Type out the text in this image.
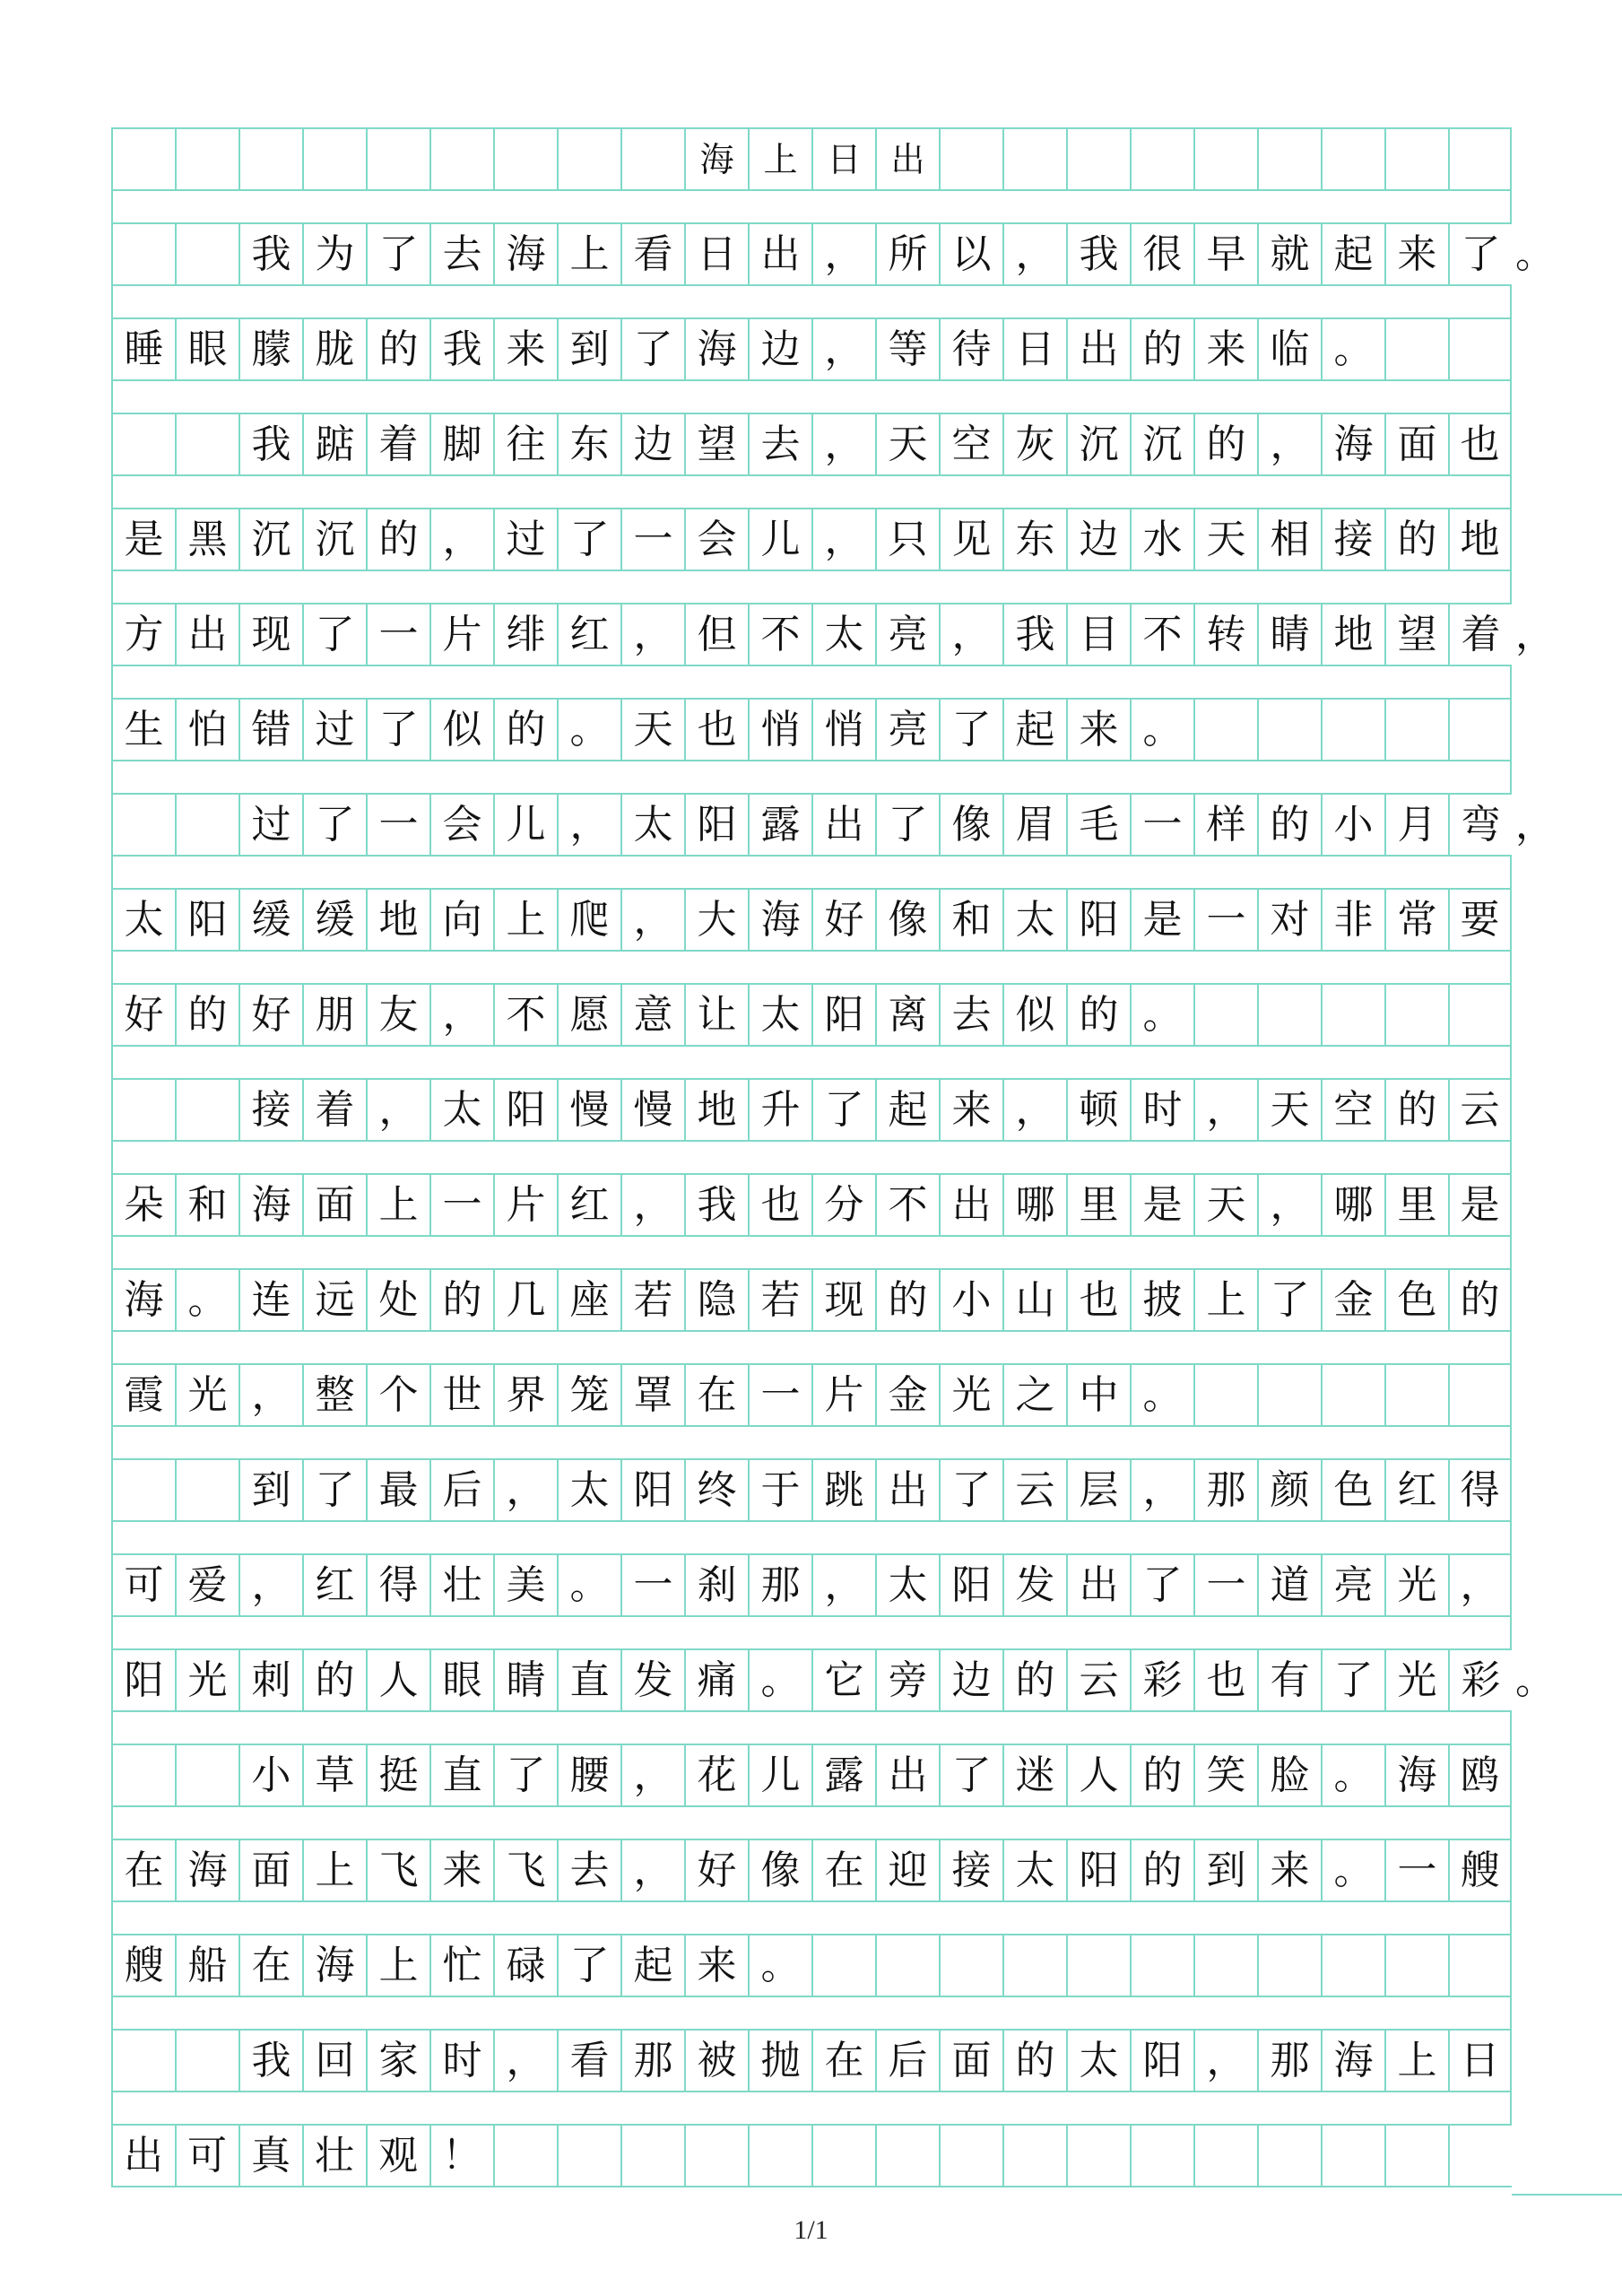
海 上 日 出
我 为 了 去 海 上 看 日 出 ， 所 以 ， 我 很 早 就 起 来 了 。
睡 眼 朦 胧 的 我 来 到 了 海 边 ， 等 待 日 出 的 来 临 。
我 踮 着 脚 往 东 边 望 去 ， 天 空 灰 沉 沉 的 ， 海 面 也
是 黑 沉 沉 的 ， 过 了 一 会 儿 ， 只 见 东 边 水 天 相 接 的 地
方 出 现 了 一 片 绯 红 ， 但 不 太 亮 ， 我 目 不 转 睛 地 望 着 ，
生 怕 错 过 了 似 的 。 天 也 悄 悄 亮 了 起 来 。
过 了 一 会 儿 ， 太 阳 露 出 了 像 眉 毛 一 样 的 小 月 弯 ，
太 阳 缓 缓 地 向 上 爬 ， 大 海 好 像 和 太 阳 是 一 对 非 常 要
好 的 好 朋 友 ， 不 愿 意 让 太 阳 离 去 似 的 。
接 着 ， 太 阳 慢 慢 地 升 了 起 来 ， 顿 时 ， 天 空 的 云
朵 和 海 面 上 一 片 红 ， 我 也 分 不 出 哪 里 是 天 ， 哪 里 是
海 。 连 远 处 的 几 座 若 隐 若 现 的 小 山 也 披 上 了 金 色 的
霞 光 ， 整 个 世 界 笼 罩 在 一 片 金 光 之 中 。
到 了 最 后 ， 太 阳 终 于 跳 出 了 云 层 ， 那 颜 色 红 得
可 爱 ， 红 得 壮 美 。 一 刹 那 ， 太 阳 发 出 了 一 道 亮 光 ，
阳 光 刺 的 人 眼 睛 直 发 痛 。 它 旁 边 的 云 彩 也 有 了 光 彩 。
小 草 挺 直 了 腰 ， 花 儿 露 出 了 迷 人 的 笑 脸 。 海 鸥
在 海 面 上 飞 来 飞 去 ， 好 像 在 迎 接 太 阳 的 到 来 。 一 艘
艘 船 在 海 上 忙 碌 了 起 来 。
我 回 家 时 ， 看 那 被 抛 在 后 面 的 太 阳 ， 那 海 上 日
出可真壮观！
1/1
